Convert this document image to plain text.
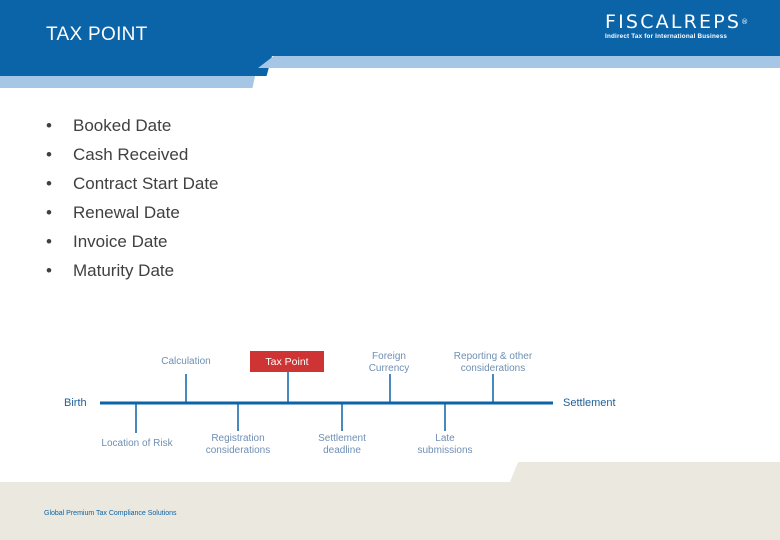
TAX POINT
FISCALREPS®
Indirect Tax for International Business
•	Booked Date
•	Cash Received
•	Contract Start Date
•	Renewal Date
•	Invoice Date
•	Maturity Date
Birth	Settlement
Calculation	Tax Point	Foreign
Currency
Reporting & other
considerations
Location of Risk	Registration
considerations
Settlement
deadline
Late
submissions
Global Premium Tax Compliance Solutions
